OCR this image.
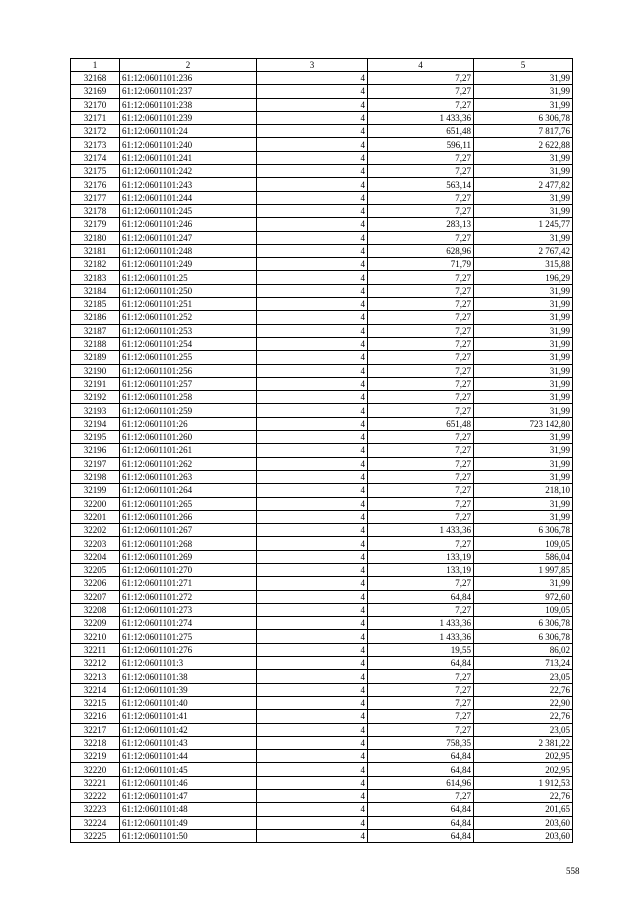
1	2	3	4	5
32168	61:12:0601101:236	4	7,27	31,99
32169	61:12:0601101:237	4	7,27	31,99
32170	61:12:0601101:238	4	7,27	31,99
32171	61:12:0601101:239	4	1 433,36	6 306,78
32172	61:12:0601101:24	4	651,48	7 817,76
32173	61:12:0601101:240	4	596,11	2 622,88
32174	61:12:0601101:241	4	7,27	31,99
32175	61:12:0601101:242	4	7,27	31,99
32176	61:12:0601101:243	4	563,14	2 477,82
32177	61:12:0601101:244	4	7,27	31,99
32178	61:12:0601101:245	4	7,27	31,99
32179	61:12:0601101:246	4	283,13	1 245,77
32180	61:12:0601101:247	4	7,27	31,99
32181	61:12:0601101:248	4	628,96	2 767,42
32182	61:12:0601101:249	4	71,79	315,88
32183	61:12:0601101:25	4	7,27	196,29
32184	61:12:0601101:250	4	7,27	31,99
32185	61:12:0601101:251	4	7,27	31,99
32186	61:12:0601101:252	4	7,27	31,99
32187	61:12:0601101:253	4	7,27	31,99
32188	61:12:0601101:254	4	7,27	31,99
32189	61:12:0601101:255	4	7,27	31,99
32190	61:12:0601101:256	4	7,27	31,99
32191	61:12:0601101:257	4	7,27	31,99
32192	61:12:0601101:258	4	7,27	31,99
32193	61:12:0601101:259	4	7,27	31,99
32194	61:12:0601101:26	4	651,48	723 142,80
32195	61:12:0601101:260	4	7,27	31,99
32196	61:12:0601101:261	4	7,27	31,99
32197	61:12:0601101:262	4	7,27	31,99
32198	61:12:0601101:263	4	7,27	31,99
32199	61:12:0601101:264	4	7,27	218,10
32200	61:12:0601101:265	4	7,27	31,99
32201	61:12:0601101:266	4	7,27	31,99
32202	61:12:0601101:267	4	1 433,36	6 306,78
32203	61:12:0601101:268	4	7,27	109,05
32204	61:12:0601101:269	4	133,19	586,04
32205	61:12:0601101:270	4	133,19	1 997,85
32206	61:12:0601101:271	4	7,27	31,99
32207	61:12:0601101:272	4	64,84	972,60
32208	61:12:0601101:273	4	7,27	109,05
32209	61:12:0601101:274	4	1 433,36	6 306,78
32210	61:12:0601101:275	4	1 433,36	6 306,78
32211	61:12:0601101:276	4	19,55	86,02
32212	61:12:0601101:3	4	64,84	713,24
32213	61:12:0601101:38	4	7,27	23,05
32214	61:12:0601101:39	4	7,27	22,76
32215	61:12:0601101:40	4	7,27	22,90
32216	61:12:0601101:41	4	7,27	22,76
32217	61:12:0601101:42	4	7,27	23,05
32218	61:12:0601101:43	4	758,35	2 381,22
32219	61:12:0601101:44	4	64,84	202,95
32220	61:12:0601101:45	4	64,84	202,95
32221	61:12:0601101:46	4	614,96	1 912,53
32222	61:12:0601101:47	4	7,27	22,76
32223	61:12:0601101:48	4	64,84	201,65
32224	61:12:0601101:49	4	64,84	203,60
32225	61:12:0601101:50	4	64,84	203,60
558
